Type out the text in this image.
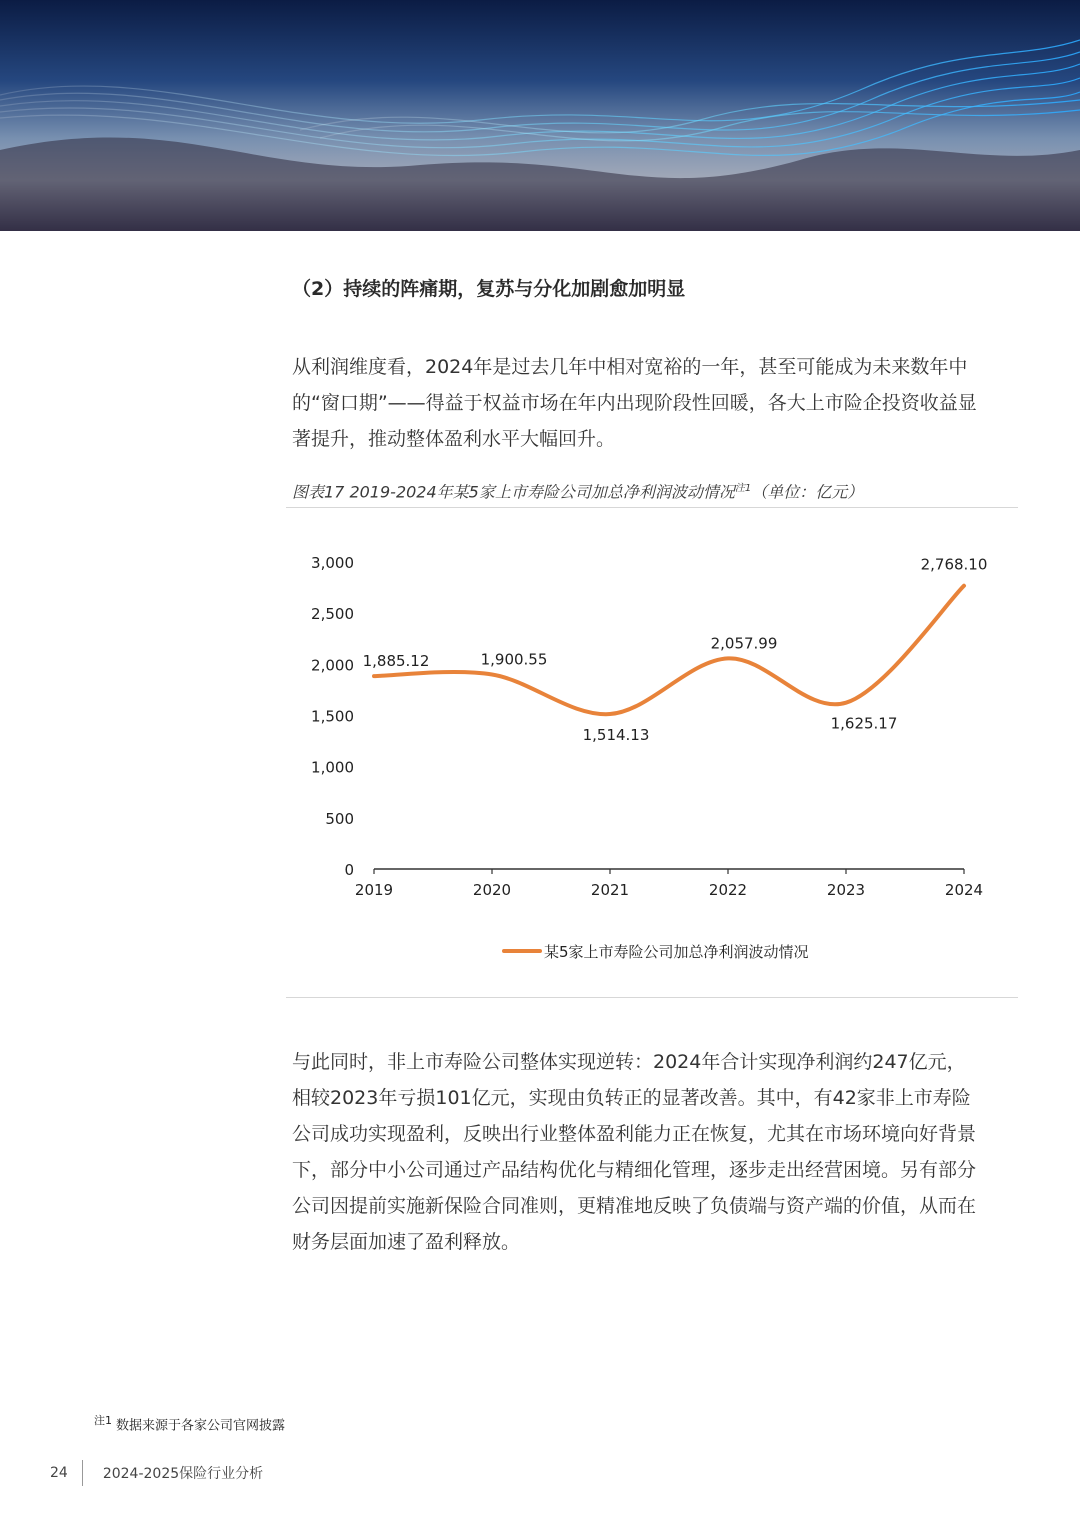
（2）持续的阵痛期，复苏与分化加剧愈加明显

从利润维度看，2024年是过去几年中相对宽裕的一年，甚至可能成为未来数年中

的“窗口期”——得益于权益市场在年内出现阶段性回暖，各大上市险企投资收益显

著提升，推动整体盈利水平大幅回升。

图表17 2019-2024年某5家上市寿险公司加总净利润波动情况$^{注1}$（单位：亿元）
0
500
1,000
1,500
2,000
2,500
3,000
2019	2020	2021	2022	2023	2024
1,885.12	1,900.55
1,514.13
2,057.99
1,625.17
2,768.10
某5家上市寿险公司加总净利润波动情况

与此同时，非上市寿险公司整体实现逆转：2024年合计实现净利润约247亿元，

相较2023年亏损101亿元，实现由负转正的显著改善。其中，有42家非上市寿险

公司成功实现盈利，反映出行业整体盈利能力正在恢复，尤其在市场环境向好背景

下，部分中小公司通过产品结构优化与精细化管理，逐步走出经营困境。另有部分

公司因提前实施新保险合同准则，更精准地反映了负债端与资产端的价值，从而在

财务层面加速了盈利释放。

$^{注1}$ 数据来源于各家公司官网披露
24	2024-2025保险行业分析
